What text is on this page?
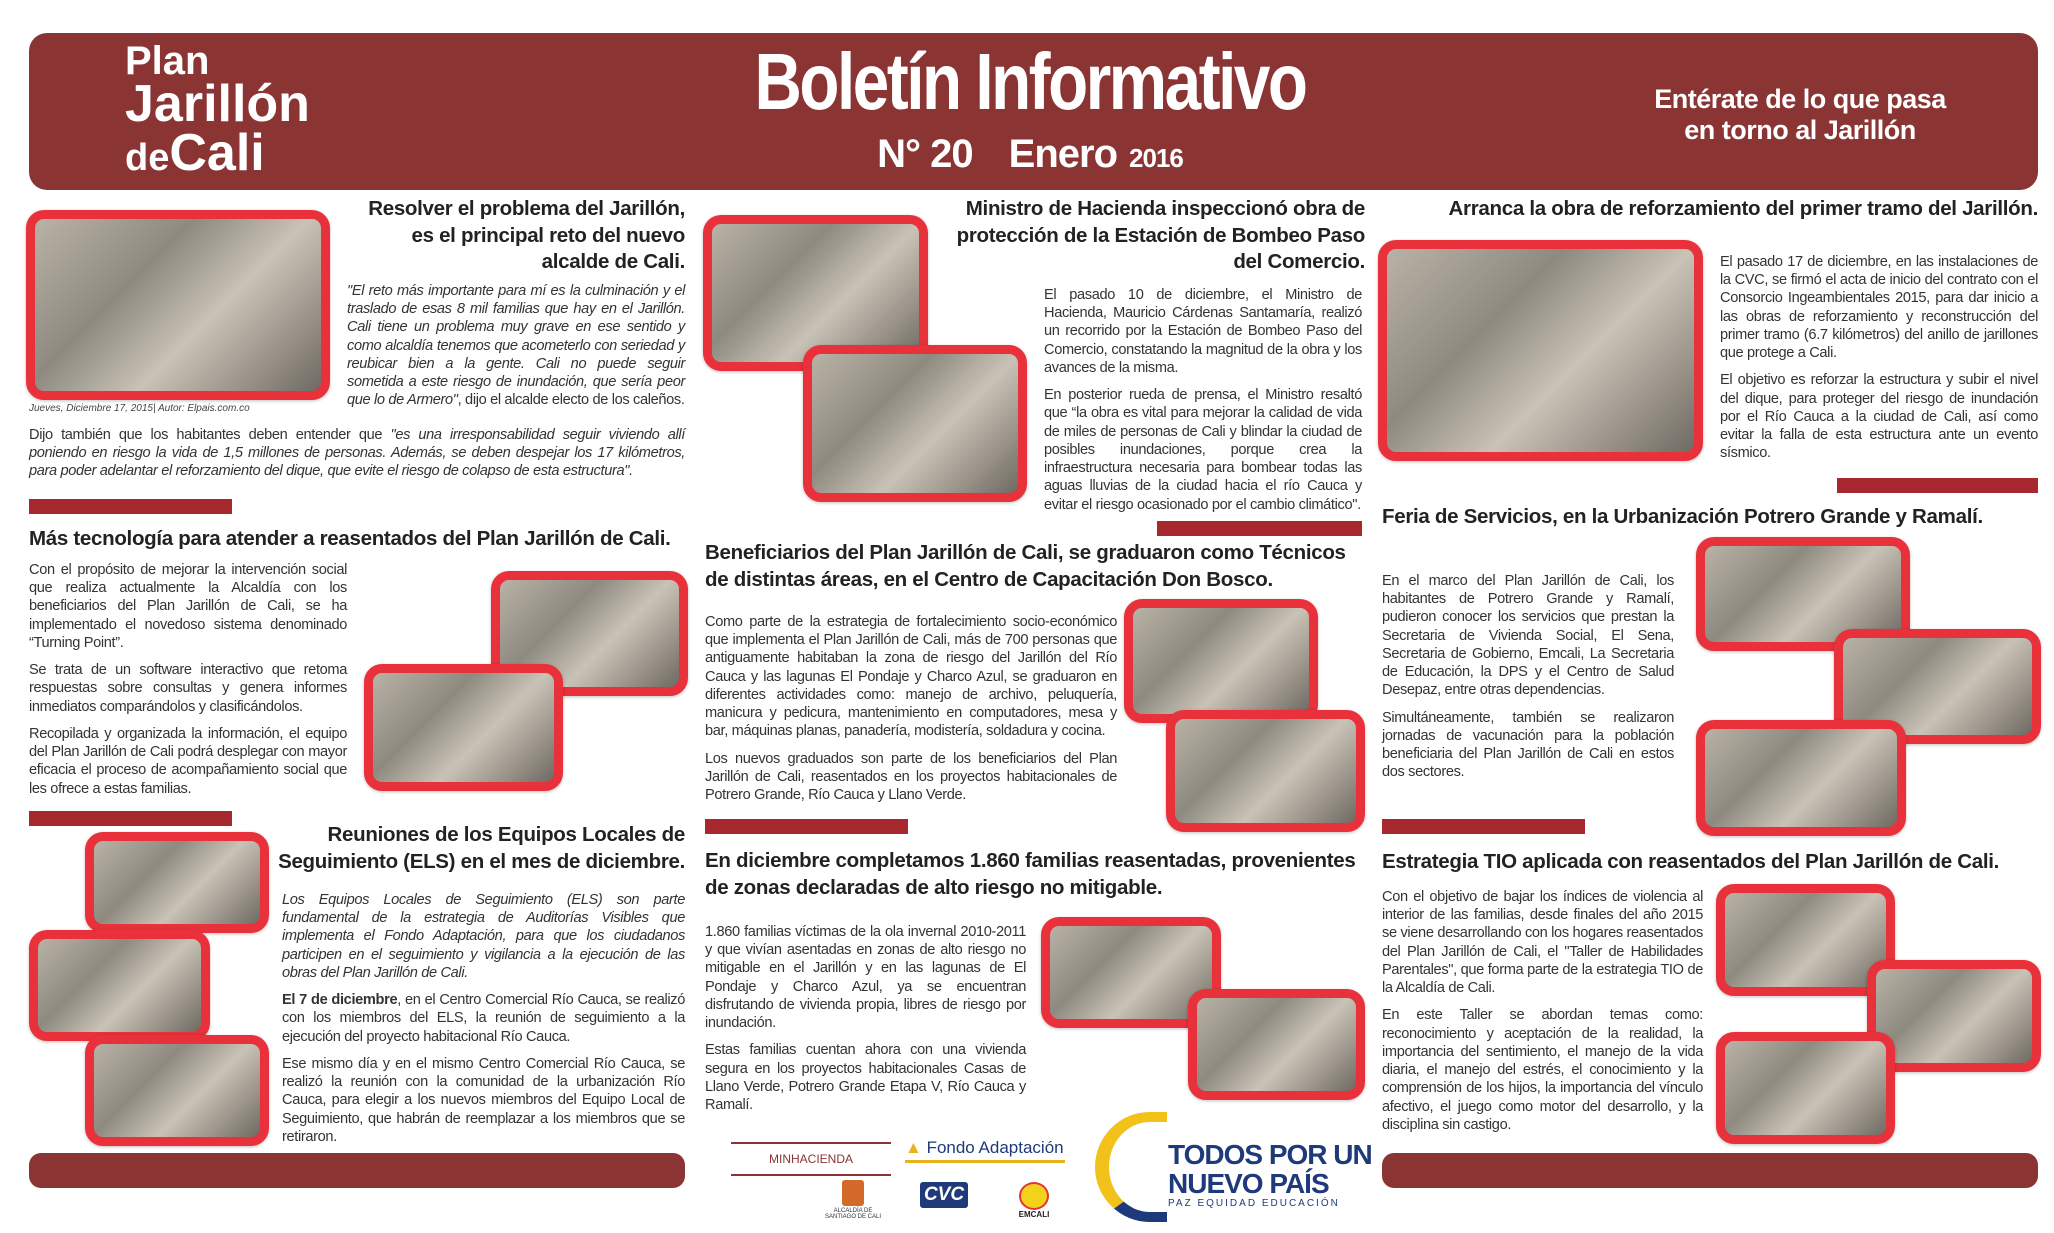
Plan
Jarillón
deCali
Boletín Informativo
N° 20 Enero 2016
Entérate de lo que pasa
en torno al Jarillón
Jueves, Diciembre 17, 2015| Autor: Elpais.com.co
Resolver el problema del Jarillón, es el principal reto del nuevo alcalde de Cali.

"El reto más importante para mí es la culminación y el traslado de esas 8 mil familias que hay en el Jarillón. Cali tiene un problema muy grave en ese sentido y como alcaldía tenemos que acometerlo con seriedad y reubicar bien a la gente. Cali no puede seguir sometida a este riesgo de inundación, que sería peor que lo de Armero", dijo el alcalde electo de los caleños.

Dijo también que los habitantes deben entender que "es una irresponsabilidad seguir viviendo allí poniendo en riesgo la vida de 1,5 millones de personas. Además, se deben despejar los 17 kilómetros, para poder adelantar el reforzamiento del dique, que evite el riesgo de colapso de esta estructura".

Más tecnología para atender a reasentados del Plan Jarillón de Cali.

Con el propósito de mejorar la intervención social que realiza actualmente la Alcaldía con los beneficiarios del Plan Jarillón de Cali, se ha implementado el novedoso sistema denominado “Turning Point”.

Se trata de un software interactivo que retoma respuestas sobre consultas y genera informes inmediatos comparándolos y clasificándolos.

Recopilada y organizada la información, el equipo del Plan Jarillón de Cali podrá desplegar con mayor eficacia el proceso de acompañamiento social que les ofrece a estas familias.

Reuniones de los Equipos Locales de Seguimiento (ELS) en el mes de diciembre.

Los Equipos Locales de Seguimiento (ELS) son parte fundamental de la estrategia de Auditorías Visibles que implementa el Fondo Adaptación, para que los ciudadanos participen en el seguimiento y vigilancia a la ejecución de las obras del Plan Jarillón de Cali.

El 7 de diciembre, en el Centro Comercial Río Cauca, se realizó con los miembros del ELS, la reunión de seguimiento a la ejecución del proyecto habitacional Río Cauca.

Ese mismo día y en el mismo Centro Comercial Río Cauca, se realizó la reunión con la comunidad de la urbanización Río Cauca, para elegir a los nuevos miembros del Equipo Local de Seguimiento, que habrán de reemplazar a los miembros que se retiraron.

Ministro de Hacienda inspeccionó obra de protección de la Estación de Bombeo Paso del Comercio.

El pasado 10 de diciembre, el Ministro de Hacienda, Mauricio Cárdenas Santamaría, realizó un recorrido por la Estación de Bombeo Paso del Comercio, constatando la magnitud de la obra y los avances de la misma.

En posterior rueda de prensa, el Ministro resaltó que “la obra es vital para mejorar la calidad de vida de miles de personas de Cali y blindar la ciudad de posibles inundaciones, porque crea la infraestructura necesaria para bombear todas las aguas lluvias de la ciudad hacia el río Cauca y evitar el riesgo ocasionado por el cambio climático".

Beneficiarios del Plan Jarillón de Cali, se graduaron como Técnicos de distintas áreas, en el Centro de Capacitación Don Bosco.

Como parte de la estrategia de fortalecimiento socio-económico que implementa el Plan Jarillón de Cali, más de 700 personas que antiguamente habitaban la zona de riesgo del Jarillón del Río Cauca y las lagunas El Pondaje y Charco Azul, se graduaron en diferentes actividades como: manejo de archivo, peluquería, manicura y pedicura, mantenimiento en computadores, mesa y bar, máquinas planas, panadería, modistería, soldadura y cocina.

Los nuevos graduados son parte de los beneficiarios del Plan Jarillón de Cali, reasentados en los proyectos habitacionales de Potrero Grande, Río Cauca y Llano Verde.

En diciembre completamos 1.860 familias reasentadas, provenientes de zonas declaradas de alto riesgo no mitigable.

1.860 familias víctimas de la ola invernal 2010-2011 y que vivían asentadas en zonas de alto riesgo no mitigable en el Jarillón y en las lagunas de El Pondaje y Charco Azul, ya se encuentran disfrutando de vivienda propia, libres de riesgo por inundación.

Estas familias cuentan ahora con una vivienda segura en los proyectos habitacionales Casas de Llano Verde, Potrero Grande Etapa V, Río Cauca y Ramalí.

MINHACIENDA
▲ Fondo Adaptación
ALCALDÍA DE SANTIAGO DE CALI
CVC
EMCALI
TODOS POR UN
NUEVO PAÍS
PAZ EQUIDAD EDUCACIÓN
Arranca la obra de reforzamiento del primer tramo del Jarillón.

El pasado 17 de diciembre, en las instalaciones de la CVC, se firmó el acta de inicio del contrato con el Consorcio Ingeambientales 2015, para dar inicio a las obras de reforzamiento y reconstrucción del primer tramo (6.7 kilómetros) del anillo de jarillones que protege a Cali.

El objetivo es reforzar la estructura y subir el nivel del dique, para proteger del riesgo de inundación por el Río Cauca a la ciudad de Cali, así como evitar la falla de esta estructura ante un evento sísmico.

Feria de Servicios, en la Urbanización Potrero Grande y Ramalí.

En el marco del Plan Jarillón de Cali, los habitantes de Potrero Grande y Ramalí, pudieron conocer los servicios que prestan la Secretaria de Vivienda Social, El Sena, Secretaria de Gobierno, Emcali, La Secretaria de Educación, la DPS y el Centro de Salud Desepaz, entre otras dependencias.

Simultáneamente, también se realizaron jornadas de vacunación para la población beneficiaria del Plan Jarillón de Cali en estos dos sectores.

Estrategia TIO aplicada con reasentados del Plan Jarillón de Cali.

Con el objetivo de bajar los índices de violencia al interior de las familias, desde finales del año 2015 se viene desarrollando con los hogares reasentados del Plan Jarillón de Cali, el "Taller de Habilidades Parentales", que forma parte de la estrategia TIO de la Alcaldía de Cali.

En este Taller se abordan temas como: reconocimiento y aceptación de la realidad, la importancia del sentimiento, el manejo de la vida diaria, el manejo del estrés, el conocimiento y la comprensión de los hijos, la importancia del vínculo afectivo, el juego como motor del desarrollo, y la disciplina sin castigo.
